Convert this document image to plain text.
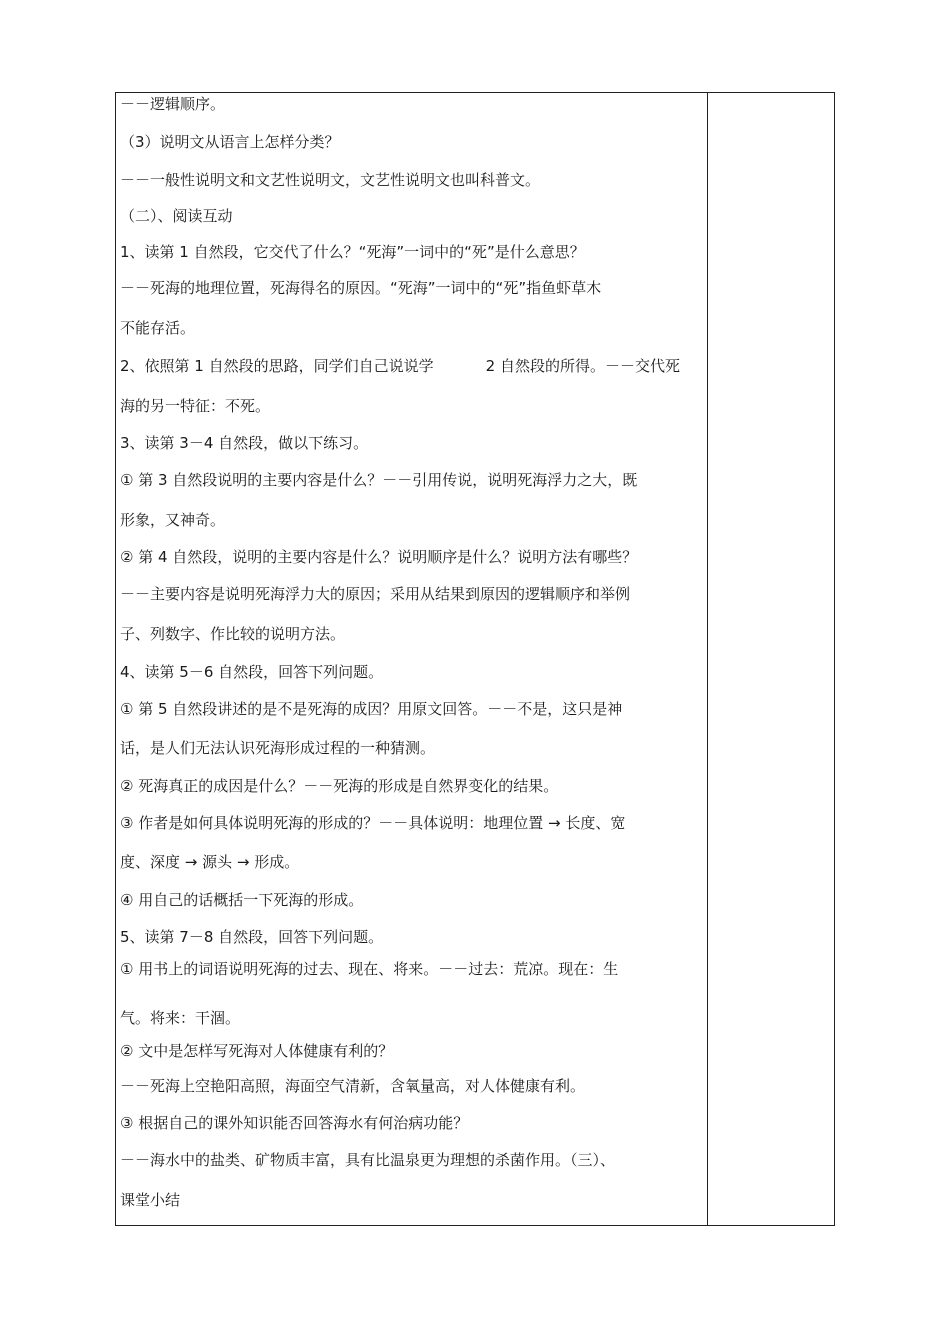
－－逻辑顺序。
（3）说明文从语言上怎样分类？
－－一般性说明文和文艺性说明文，文艺性说明文也叫科普文。
（二）、阅读互动
1、读第 1 自然段，它交代了什么？“死海”一词中的“死”是什么意思？
－－死海的地理位置，死海得名的原因。“死海”一词中的“死”指鱼虾草木
不能存活。
2、依照第 1 自然段的思路，同学们自己说说学	2 自然段的所得。－－交代死
海的另一特征：不死。
3、读第 3－4 自然段，做以下练习。
① 第 3 自然段说明的主要内容是什么？－－引用传说，说明死海浮力之大，既
形象，又神奇。
② 第 4 自然段，说明的主要内容是什么？说明顺序是什么？说明方法有哪些？
－－主要内容是说明死海浮力大的原因；采用从结果到原因的逻辑顺序和举例
子、列数字、作比较的说明方法。
4、读第 5－6 自然段，回答下列问题。
① 第 5 自然段讲述的是不是死海的成因？用原文回答。－－不是，这只是神
话，是人们无法认识死海形成过程的一种猜测。
② 死海真正的成因是什么？－－死海的形成是自然界变化的结果。
③ 作者是如何具体说明死海的形成的？－－具体说明：地理位置 → 长度、宽
度、深度 → 源头 → 形成。
④ 用自己的话概括一下死海的形成。
5、读第 7－8 自然段，回答下列问题。
① 用书上的词语说明死海的过去、现在、将来。－－过去：荒凉。现在：生
气。将来：干涸。
② 文中是怎样写死海对人体健康有利的？
－－死海上空艳阳高照，海面空气清新，含氧量高，对人体健康有利。
③ 根据自己的课外知识能否回答海水有何治病功能？
－－海水中的盐类、矿物质丰富，具有比温泉更为理想的杀菌作用。（三）、
课堂小结
